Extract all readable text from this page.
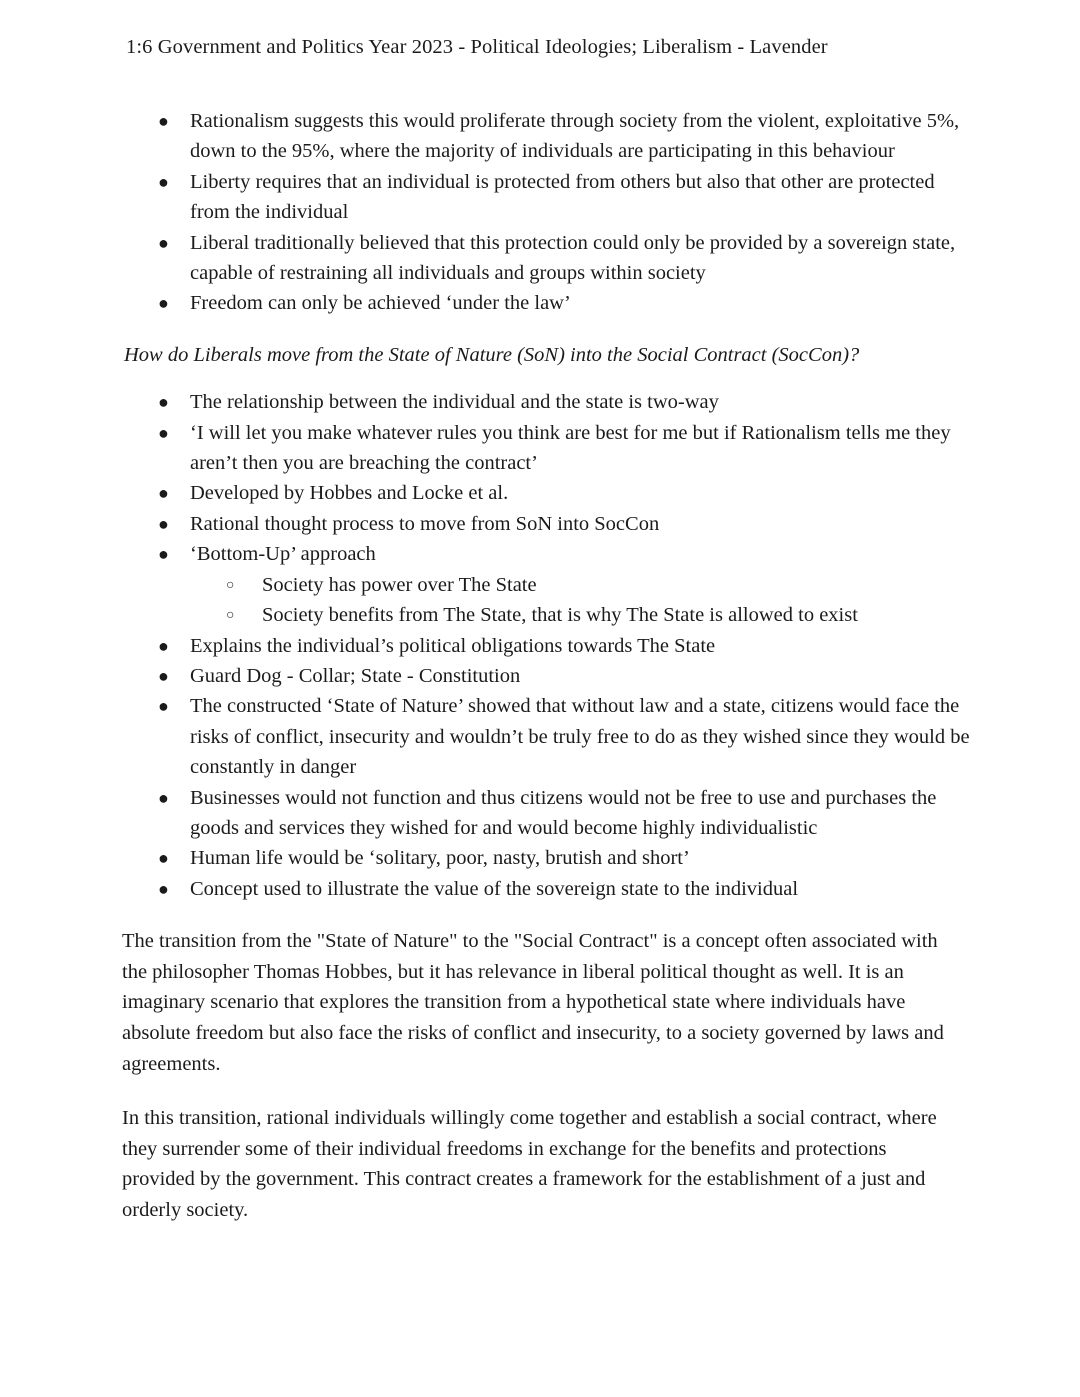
1:6 Government and Politics Year 2023 - Political Ideologies; Liberalism - Lavender
● Rationalism suggests this would proliferate through society from the violent, exploitative 5%, down to the 95%, where the majority of individuals are participating in this behaviour
● Liberty requires that an individual is protected from others but also that other are protected from the individual
● Liberal traditionally believed that this protection could only be provided by a sovereign state, capable of restraining all individuals and groups within society
● Freedom can only be achieved ‘under the law’
How do Liberals move from the State of Nature (SoN) into the Social Contract (SocCon)?
● The relationship between the individual and the state is two-way
● ‘I will let you make whatever rules you think are best for me but if Rationalism tells me they aren’t then you are breaching the contract’
● Developed by Hobbes and Locke et al.
● Rational thought process to move from SoN into SocCon
● ‘Bottom-Up’ approach
○ Society has power over The State
○ Society benefits from The State, that is why The State is allowed to exist
● Explains the individual’s political obligations towards The State
● Guard Dog - Collar; State - Constitution
● The constructed ‘State of Nature’ showed that without law and a state, citizens would face the risks of conflict, insecurity and wouldn’t be truly free to do as they wished since they would be constantly in danger
● Businesses would not function and thus citizens would not be free to use and purchases the goods and services they wished for and would become highly individualistic
● Human life would be ‘solitary, poor, nasty, brutish and short’
● Concept used to illustrate the value of the sovereign state to the individual

The transition from the "State of Nature" to the "Social Contract" is a concept often associated with the philosopher Thomas Hobbes, but it has relevance in liberal political thought as well. It is an imaginary scenario that explores the transition from a hypothetical state where individuals have absolute freedom but also face the risks of conflict and insecurity, to a society governed by laws and agreements.

In this transition, rational individuals willingly come together and establish a social contract, where they surrender some of their individual freedoms in exchange for the benefits and protections provided by the government. This contract creates a framework for the establishment of a just and orderly society.
